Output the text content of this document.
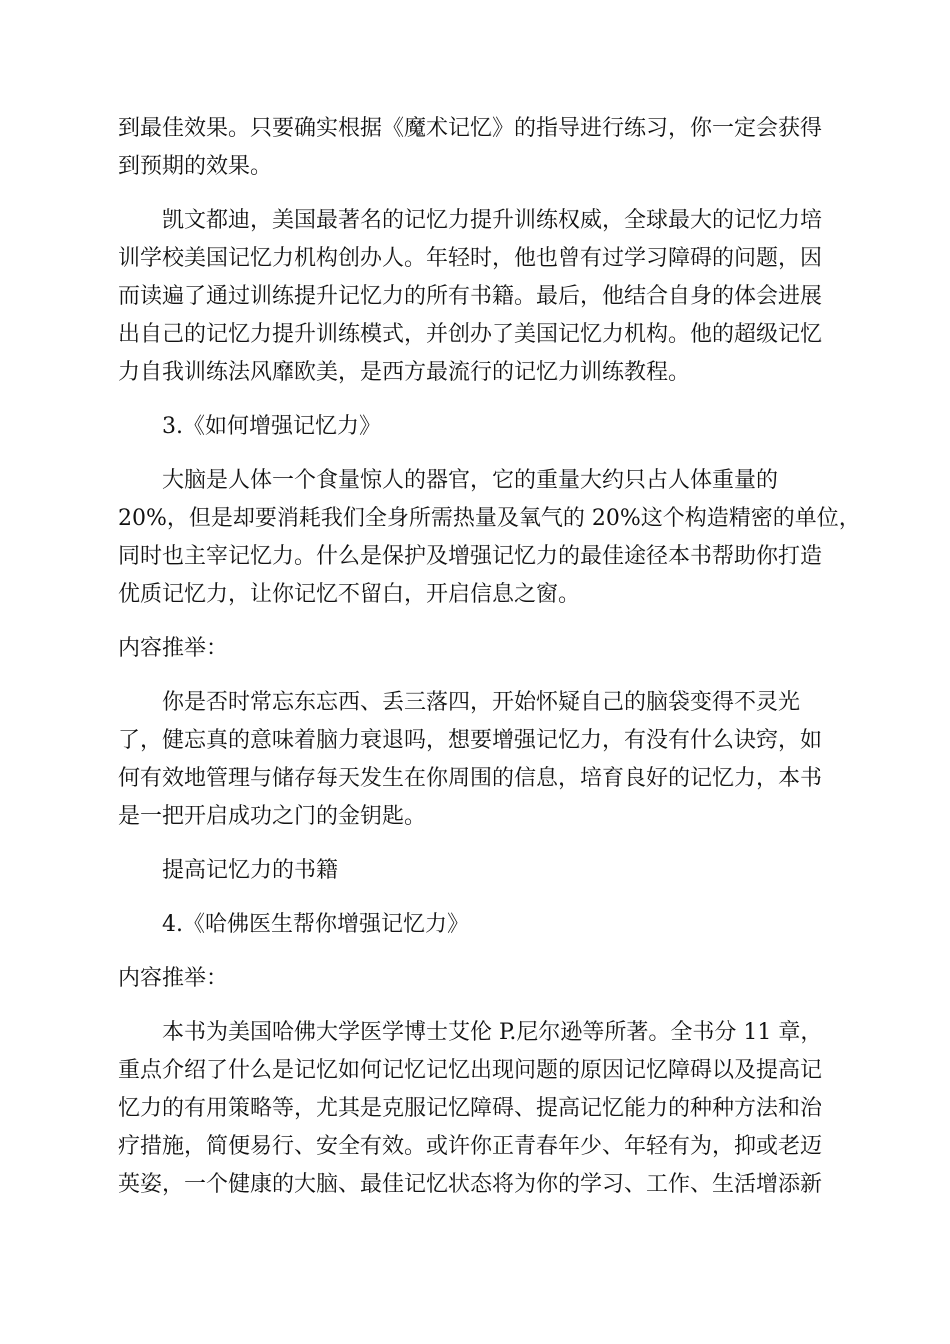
到最佳效果。只要确实根据《魔术记忆》的指导进行练习，你一定会获得
到预期的效果。
凯文都迪，美国最著名的记忆力提升训练权威，全球最大的记忆力培
训学校美国记忆力机构创办人。年轻时，他也曾有过学习障碍的问题，因
而读遍了通过训练提升记忆力的所有书籍。最后，他结合自身的体会进展
出自己的记忆力提升训练模式，并创办了美国记忆力机构。他的超级记忆
力自我训练法风靡欧美，是西方最流行的记忆力训练教程。
3.《如何增强记忆力》
大脑是人体一个食量惊人的器官，它的重量大约只占人体重量的
20%，但是却要消耗我们全身所需热量及氧气的 20%这个构造精密的单位，
同时也主宰记忆力。什么是保护及增强记忆力的最佳途径本书帮助你打造
优质记忆力，让你记忆不留白，开启信息之窗。
内容推举：
你是否时常忘东忘西、丢三落四，开始怀疑自己的脑袋变得不灵光
了，健忘真的意味着脑力衰退吗，想要增强记忆力，有没有什么诀窍，如
何有效地管理与储存每天发生在你周围的信息，培育良好的记忆力，本书
是一把开启成功之门的金钥匙。
提高记忆力的书籍
4.《哈佛医生帮你增强记忆力》
内容推举：
本书为美国哈佛大学医学博士艾伦 P.尼尔逊等所著。全书分 11 章，
重点介绍了什么是记忆如何记忆记忆出现问题的原因记忆障碍以及提高记
忆力的有用策略等，尤其是克服记忆障碍、提高记忆能力的种种方法和治
疗措施，简便易行、安全有效。或许你正青春年少、年轻有为，抑或老迈
英姿，一个健康的大脑、最佳记忆状态将为你的学习、工作、生活增添新
